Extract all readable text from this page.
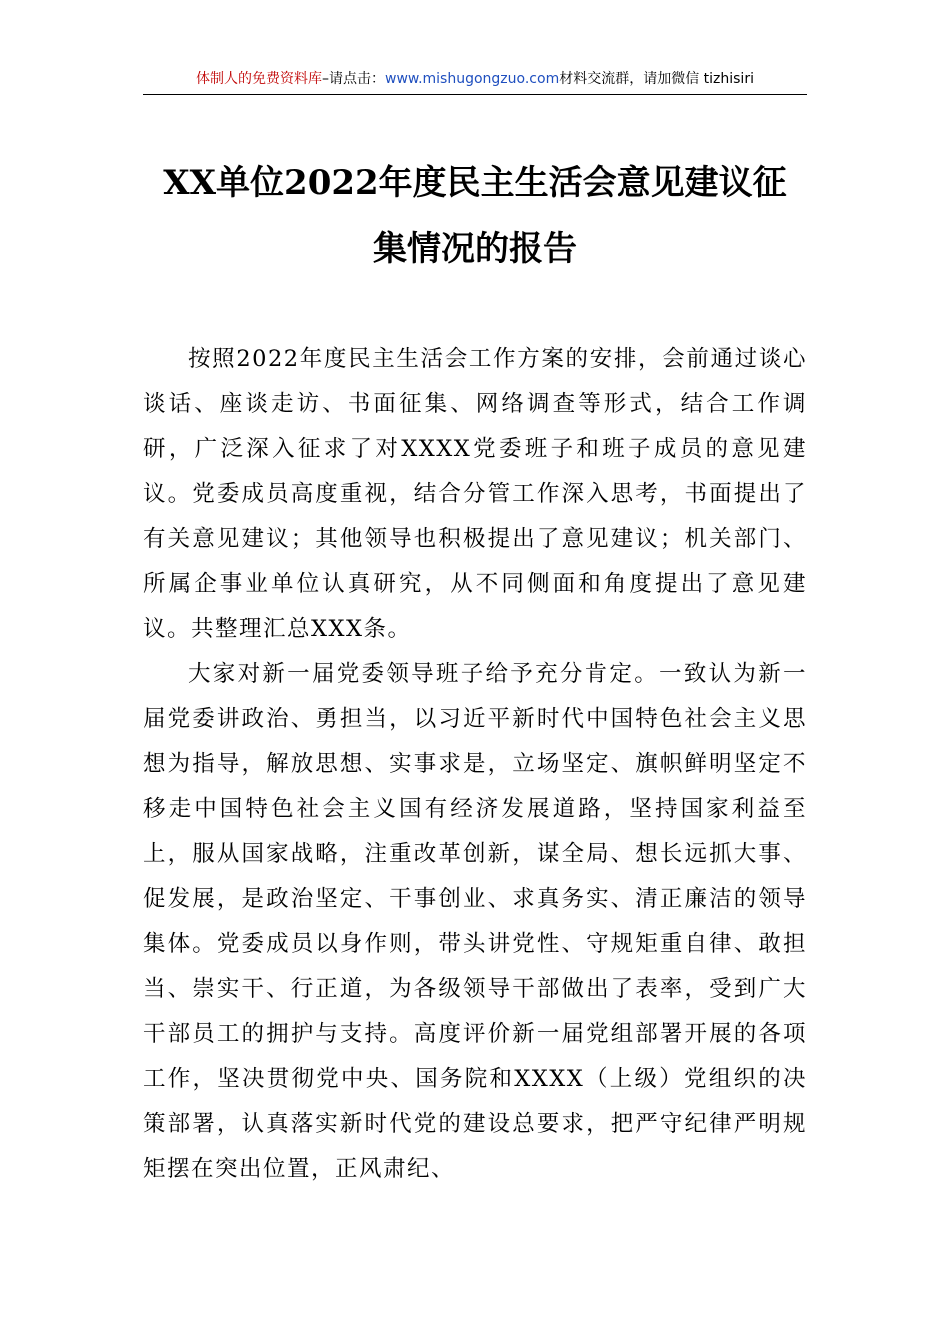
体制人的免费资料库–请点击：www.mishugongzuo.com材料交流群，请加微信 tizhisiri
XX单位2022年度民主生活会意见建议征
集情况的报告

按照2022年度民主生活会工作方案的安排，会前通过谈心谈话、座谈走访、书面征集、网络调查等形式，结合工作调研，广泛深入征求了对XXXX党委班子和班子成员的意见建议。党委成员高度重视，结合分管工作深入思考，书面提出了有关意见建议；其他领导也积极提出了意见建议；机关部门、所属企事业单位认真研究，从不同侧面和角度提出了意见建议。共整理汇总XXX条。

大家对新一届党委领导班子给予充分肯定。一致认为新一届党委讲政治、勇担当，以习近平新时代中国特色社会主义思想为指导，解放思想、实事求是，立场坚定、旗帜鲜明坚定不移走中国特色社会主义国有经济发展道路，坚持国家利益至上，服从国家战略，注重改革创新，谋全局、想长远抓大事、促发展，是政治坚定、干事创业、求真务实、清正廉洁的领导集体。党委成员以身作则，带头讲党性、守规矩重自律、敢担当、崇实干、行正道，为各级领导干部做出了表率，受到广大干部员工的拥护与支持。高度评价新一届党组部署开展的各项工作，坚决贯彻党中央、国务院和XXXX（上级）党组织的决策部署，认真落实新时代党的建设总要求，把严守纪律严明规矩摆在突出位置，正风肃纪、
